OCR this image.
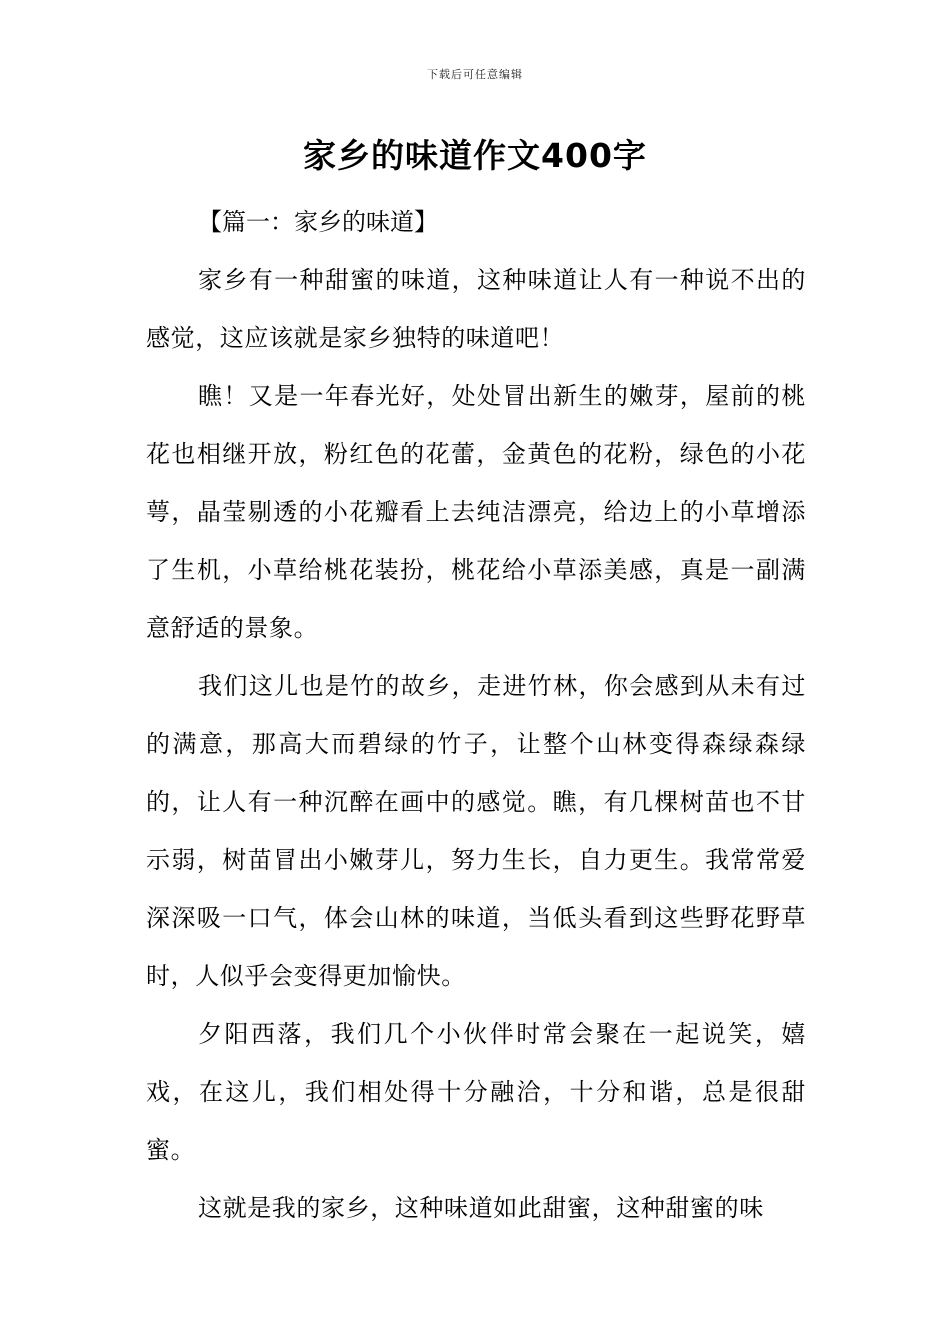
下载后可任意编辑
家乡的味道作文400字

【篇一：家乡的味道】

家乡有一种甜蜜的味道，这种味道让人有一种说不出的感觉，这应该就是家乡独特的味道吧！

瞧！又是一年春光好，处处冒出新生的嫩芽，屋前的桃花也相继开放，粉红色的花蕾，金黄色的花粉，绿色的小花萼，晶莹剔透的小花瓣看上去纯洁漂亮，给边上的小草增添了生机，小草给桃花装扮，桃花给小草添美感，真是一副满意舒适的景象。

我们这儿也是竹的故乡，走进竹林，你会感到从未有过的满意，那高大而碧绿的竹子，让整个山林变得森绿森绿的，让人有一种沉醉在画中的感觉。瞧，有几棵树苗也不甘示弱，树苗冒出小嫩芽儿，努力生长，自力更生。我常常爱深深吸一口气，体会山林的味道，当低头看到这些野花野草时，人似乎会变得更加愉快。

夕阳西落，我们几个小伙伴时常会聚在一起说笑，嬉戏，在这儿，我们相处得十分融洽，十分和谐，总是很甜蜜。

这就是我的家乡，这种味道如此甜蜜，这种甜蜜的味
